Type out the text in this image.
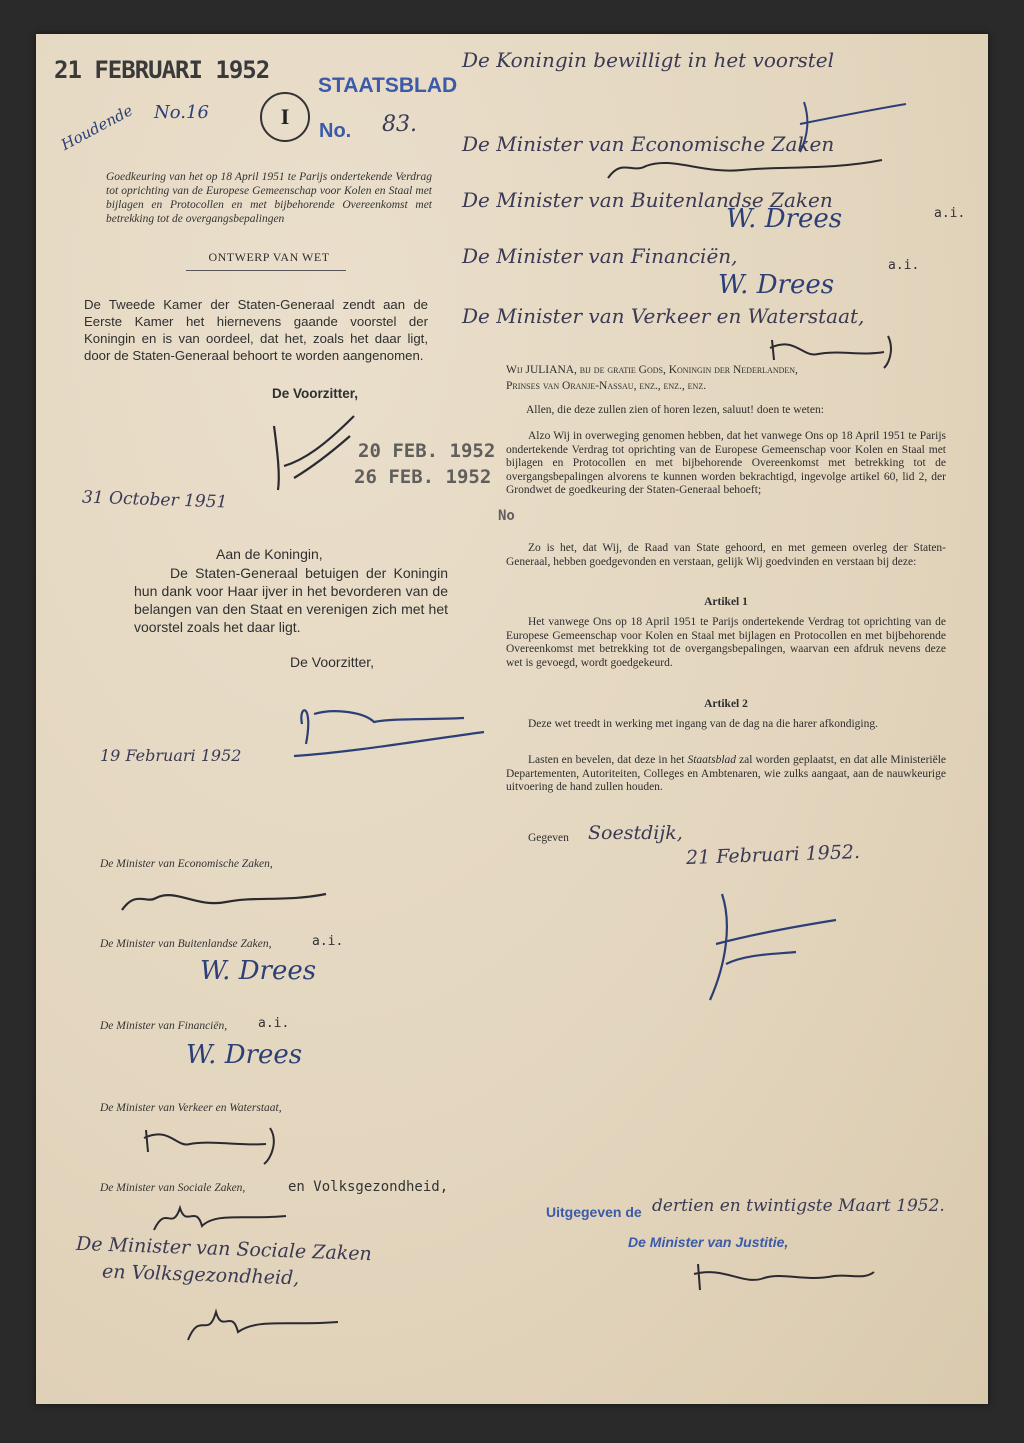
21 FEBRUARI 1952
STAATSBLAD
I
No. 83.
No.16
Houdende

Goedkeuring van het op 18 April 1951 te Parijs ondertekende Verdrag tot oprichting van de Europese Gemeenschap voor Kolen en Staal met bijlagen en Protocollen en met bijbehorende Overeenkomst met betrekking tot de overgangsbepalingen

ONTWERP VAN WET

De Tweede Kamer der Staten-Generaal zendt aan de Eerste Kamer het hiernevens gaande voorstel der Koningin en is van oordeel, dat het, zoals het daar ligt, door de Staten-Generaal behoort te worden aangenomen.

De Voorzitter,
20 FEB. 1952
26 FEB. 1952
No
31 October 1951
Aan de Koningin,

De Staten-Generaal betuigen der Koningin hun dank voor Haar ijver in het bevorderen van de belangen van den Staat en verenigen zich met het voorstel zoals het daar ligt.

De Voorzitter,
19 Februari 1952
De Minister van Economische Zaken,
De Minister van Buitenlandse Zaken,	a.i.
W. Drees
De Minister van Financiën, a.i.
W. Drees
De Minister van Verkeer en Waterstaat,
De Minister van Sociale Zaken,	en Volksgezondheid,
De Minister van Sociale Zaken
en Volksgezondheid,
De Koningin bewilligt in het voorstel
De Minister van Economische Zaken
De Minister van Buitenlandse Zaken
a.i.
W. Drees
De Minister van Financiën,	a.i.
W. Drees
De Minister van Verkeer en Waterstaat,
Wij JULIANA, bij de gratie Gods, Koningin der Nederlanden,
Prinses van Oranje-Nassau, enz., enz., enz.

Allen, die deze zullen zien of horen lezen, saluut! doen te weten:

Alzo Wij in overweging genomen hebben, dat het vanwege Ons op 18 April 1951 te Parijs ondertekende Verdrag tot oprichting van de Europese Gemeenschap voor Kolen en Staal met bijlagen en Protocollen en met bijbehorende Overeenkomst met betrekking tot de overgangsbepalingen alvorens te kunnen worden bekrachtigd, ingevolge artikel 60, lid 2, der Grondwet de goedkeuring der Staten-Generaal behoeft;

Zo is het, dat Wij, de Raad van State gehoord, en met gemeen overleg der Staten-Generaal, hebben goedgevonden en verstaan, gelijk Wij goedvinden en verstaan bij deze:

Artikel 1

Het vanwege Ons op 18 April 1951 te Parijs ondertekende Verdrag tot oprichting van de Europese Gemeenschap voor Kolen en Staal met bijlagen en Protocollen en met bijbehorende Overeenkomst met betrekking tot de overgangsbepalingen, waarvan een afdruk nevens deze wet is gevoegd, wordt goedgekeurd.

Artikel 2

Deze wet treedt in werking met ingang van de dag na die harer afkondiging.

Lasten en bevelen, dat deze in het Staatsblad zal worden geplaatst, en dat alle Ministeriële Departementen, Autoriteiten, Colleges en Ambtenaren, wie zulks aangaat, aan de nauwkeurige uitvoering de hand zullen houden.

Gegeven Soestdijk,
21 Februari 1952.
Uitgegeven de dertien en twintigste Maart 1952.
De Minister van Justitie,
